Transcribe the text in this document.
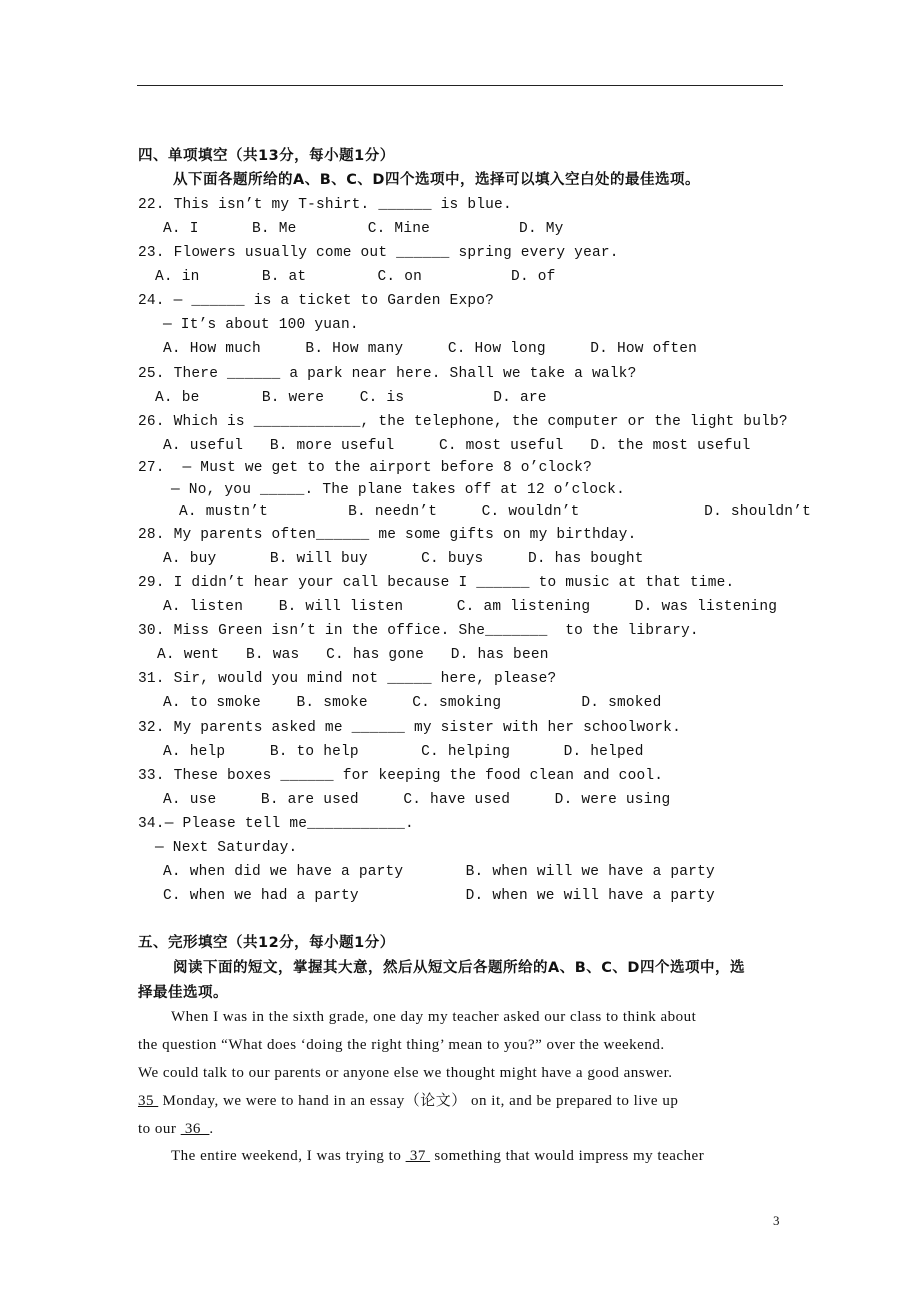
四、单项填空（共13分，每小题1分）
从下面各题所给的A、B、C、D四个选项中，选择可以填入空白处的最佳选项。
22. This isn’t my T-shirt. ______ is blue.
A. I      B. Me        C. Mine          D. My
23. Flowers usually come out ______ spring every year.
A. in       B. at        C. on          D. of
24. — ______ is a ticket to Garden Expo?
— It’s about 100 yuan.
A. How much     B. How many     C. How long     D. How often
25. There ______ a park near here. Shall we take a walk?
A. be       B. were    C. is          D. are
26. Which is ____________, the telephone, the computer or the light bulb?
A. useful   B. more useful     C. most useful   D. the most useful
27.  — Must we get to the airport before 8 o’clock?
— No, you _____. The plane takes off at 12 o’clock.
A. mustn’t         B. needn’t     C. wouldn’t              D. shouldn’t
28. My parents often______ me some gifts on my birthday.
A. buy      B. will buy      C. buys     D. has bought
29. I didn’t hear your call because I ______ to music at that time.
A. listen    B. will listen      C. am listening     D. was listening
30. Miss Green isn’t in the office. She_______  to the library.
A. went   B. was   C. has gone   D. has been
31. Sir, would you mind not _____ here, please?
A. to smoke    B. smoke     C. smoking         D. smoked
32. My parents asked me ______ my sister with her schoolwork.
A. help     B. to help       C. helping      D. helped
33. These boxes ______ for keeping the food clean and cool.
A. use     B. are used     C. have used     D. were using
34.— Please tell me___________.
— Next Saturday.
A. when did we have a party       B. when will we have a party
C. when we had a party            D. when we will have a party
五、完形填空（共12分，每小题1分）
阅读下面的短文，掌握其大意，然后从短文后各题所给的A、B、C、D四个选项中，选
择最佳选项。
When I was in the sixth grade, one day my teacher asked our class to think about
the question “What does ‘doing the right thing’ mean to you?” over the weekend.
We could talk to our parents or anyone else we thought might have a good answer.
35  Monday, we were to hand in an essay（论文） on it, and be prepared to live up
to our  36  .
The entire weekend, I was trying to  37  something that would impress my teacher
3
